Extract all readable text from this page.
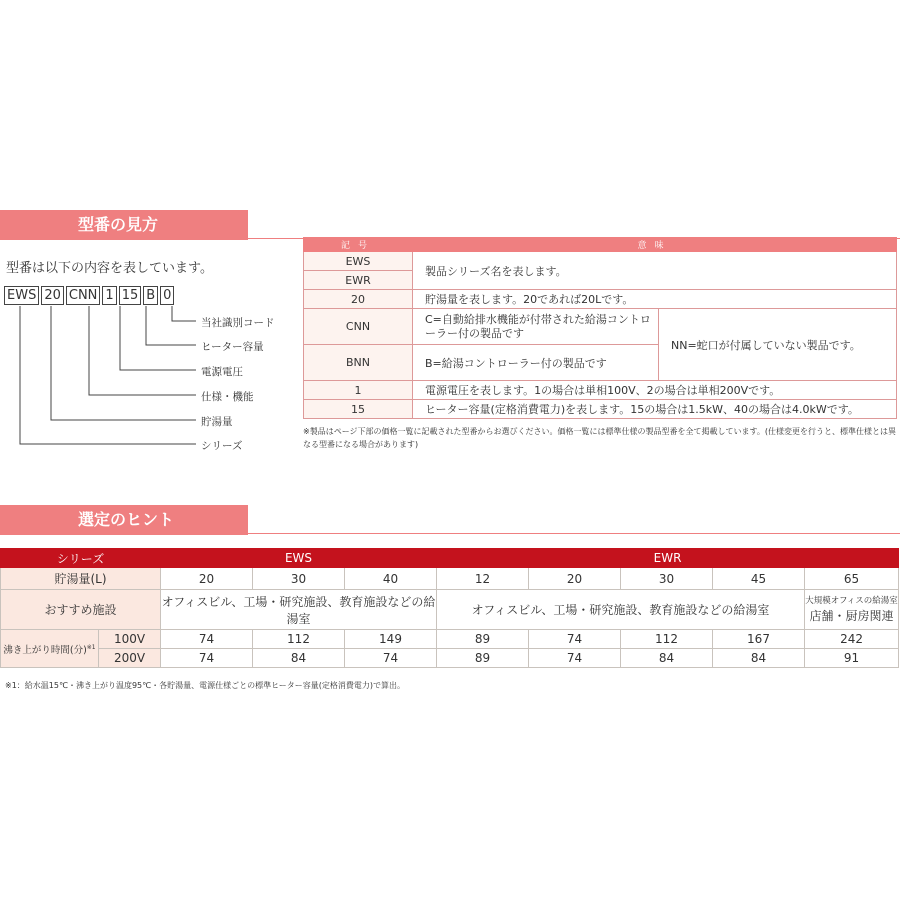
型番の見方
型番は以下の内容を表しています。
EWS 20 CNN 1 15 B 0
当社識別コード
ヒーター容量
電源電圧
仕様・機能
貯湯量
シリーズ
記号	意味	
EWS	製品シリーズ名を表します。	
EWR		
20	貯湯量を表します。20であれば20Lです。	
CNN	C=自動給排水機能が付帯された給湯コントローラー付の製品です	NN=蛇口が付属していない製品です。
BNN	B=給湯コントローラー付の製品です	
1	電源電圧を表します。1の場合は単相100V、2の場合は単相200Vです。	
15	ヒーター容量(定格消費電力)を表します。15の場合は1.5kW、40の場合は4.0kWです。	
※製品はページ下部の価格一覧に記載された型番からお選びください。価格一覧には標準仕様の製品型番を全て掲載しています。(仕様変更を行うと、標準仕様とは異なる型番になる場合があります)
選定のヒント
シリーズ		EWS			EWR				
貯湯量(L)		20	30	40	12	20	30	45	65
おすすめ施設		オフィスビル、工場・研究施設、教育施設などの給湯室			オフィスビル、工場・研究施設、教育施設などの給湯室				大規模オフィスの給湯室
店舗・厨房関連
沸き上がり時間(分)$^{※1}$	100V	74	112	149	89	74	112	167	242
	200V	74	84	74	89	74	84	84	91
※1：給水温15℃・沸き上がり温度95℃・各貯湯量、電源仕様ごとの標準ヒーター容量(定格消費電力)で算出。
